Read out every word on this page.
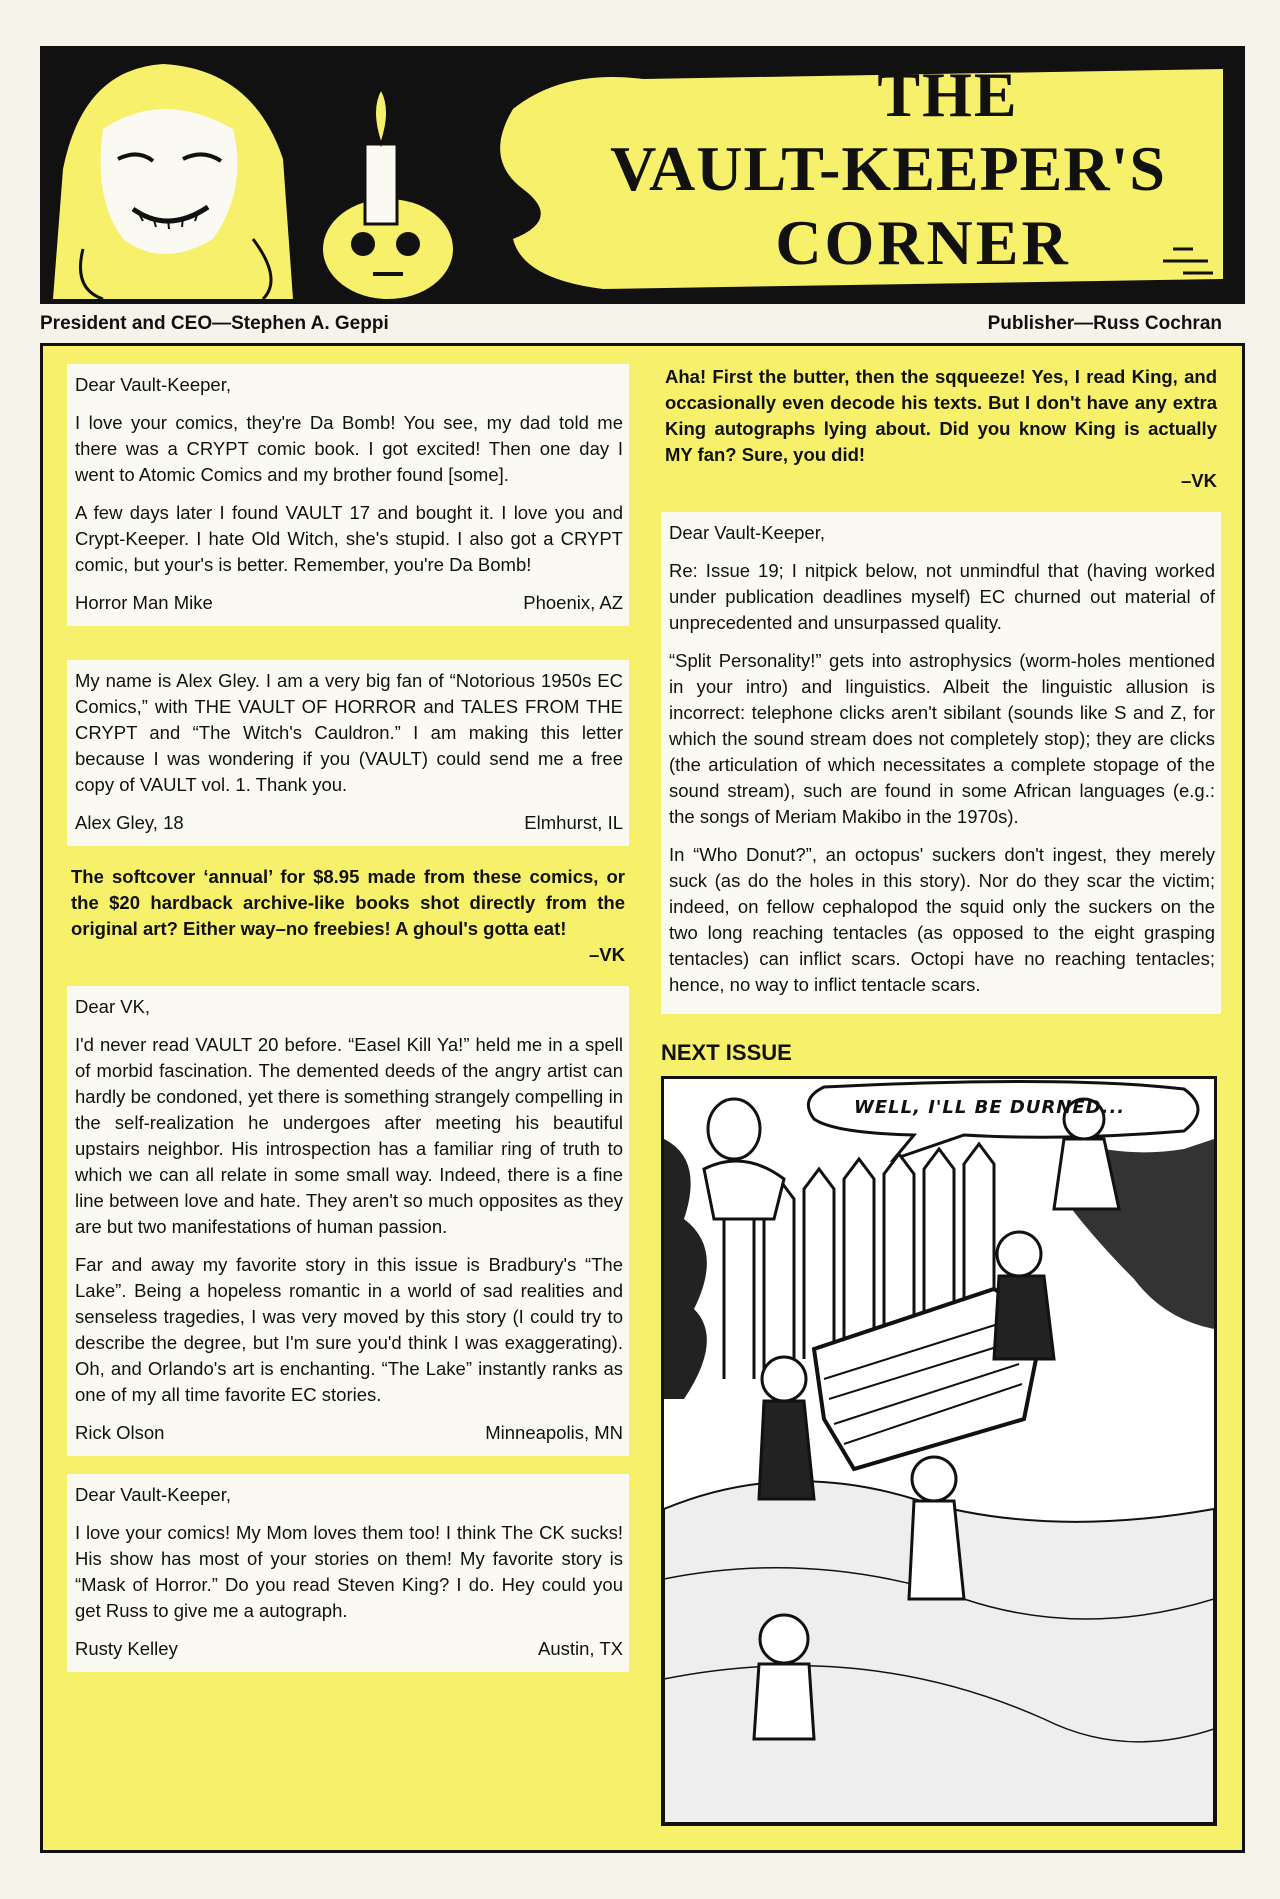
THE
VAULT-KEEPER'S
CORNER
President and CEO—Stephen A. Geppi	Publisher—Russ Cochran

Dear Vault-Keeper,

I love your comics, they're Da Bomb! You see, my dad told me there was a CRYPT comic book. I got excited! Then one day I went to Atomic Comics and my brother found [some].

A few days later I found VAULT 17 and bought it. I love you and Crypt-Keeper. I hate Old Witch, she's stupid. I also got a CRYPT comic, but your's is better. Remember, you're Da Bomb!

Horror Man Mike	Phoenix, AZ

My name is Alex Gley. I am a very big fan of “Notorious 1950s EC Comics,” with THE VAULT OF HORROR and TALES FROM THE CRYPT and “The Witch's Cauldron.” I am making this letter because I was wondering if you (VAULT) could send me a free copy of VAULT vol. 1. Thank you.

Alex Gley, 18	Elmhurst, IL
The softcover ‘annual’ for $8.95 made from these comics, or the $20 hardback archive-like books shot directly from the original art? Either way–no freebies! A ghoul's gotta eat!
–VK

Dear VK,

I'd never read VAULT 20 before. “Easel Kill Ya!” held me in a spell of morbid fascination. The demented deeds of the angry artist can hardly be condoned, yet there is something strangely compelling in the self-realization he undergoes after meeting his beautiful upstairs neighbor. His introspection has a familiar ring of truth to which we can all relate in some small way. Indeed, there is a fine line between love and hate. They aren't so much opposites as they are but two manifestations of human passion.

Far and away my favorite story in this issue is Bradbury's “The Lake”. Being a hopeless romantic in a world of sad realities and senseless tragedies, I was very moved by this story (I could try to describe the degree, but I'm sure you'd think I was exaggerating). Oh, and Orlando's art is enchanting. “The Lake” instantly ranks as one of my all time favorite EC stories.

Rick Olson	Minneapolis, MN

Dear Vault-Keeper,

I love your comics! My Mom loves them too! I think The CK sucks! His show has most of your stories on them! My favorite story is “Mask of Horror.” Do you read Steven King? I do. Hey could you get Russ to give me a autograph.

Rusty Kelley	Austin, TX
Aha! First the butter, then the sqqueeze! Yes, I read King, and occasionally even decode his texts. But I don't have any extra King autographs lying about. Did you know King is actually MY fan? Sure, you did!
–VK

Dear Vault-Keeper,

Re: Issue 19; I nitpick below, not unmindful that (having worked under publication deadlines myself) EC churned out material of unprecedented and unsurpassed quality.

“Split Personality!” gets into astrophysics (worm-holes mentioned in your intro) and linguistics. Albeit the linguistic allusion is incorrect: telephone clicks aren't sibilant (sounds like S and Z, for which the sound stream does not completely stop); they are clicks (the articulation of which necessitates a complete stopage of the sound stream), such are found in some African languages (e.g.: the songs of Meriam Makibo in the 1970s).

In “Who Donut?”, an octopus' suckers don't ingest, they merely suck (as do the holes in this story). Nor do they scar the victim; indeed, on fellow cephalopod the squid only the suckers on the two long reaching tentacles (as opposed to the eight grasping tentacles) can inflict scars. Octopi have no reaching tentacles; hence, no way to inflict tentacle scars.

NEXT ISSUE
WELL, I'LL BE DURNED...
